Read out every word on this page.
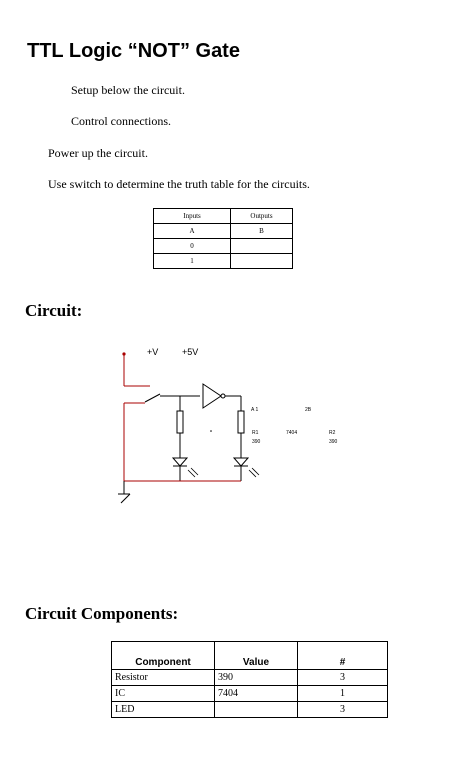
TTL Logic “NOT” Gate
Setup below the circuit.
Control connections.
Power up the circuit.
Use switch to determine the truth table for the circuits.
Inputs	Outputs
A	B
0	
1	
Circuit:
+V	+5V
A 1	2B
R1
390
7404	R2
390
Circuit Components:
Component	Value	#
Resistor	390	3
IC	7404	1
LED		3
